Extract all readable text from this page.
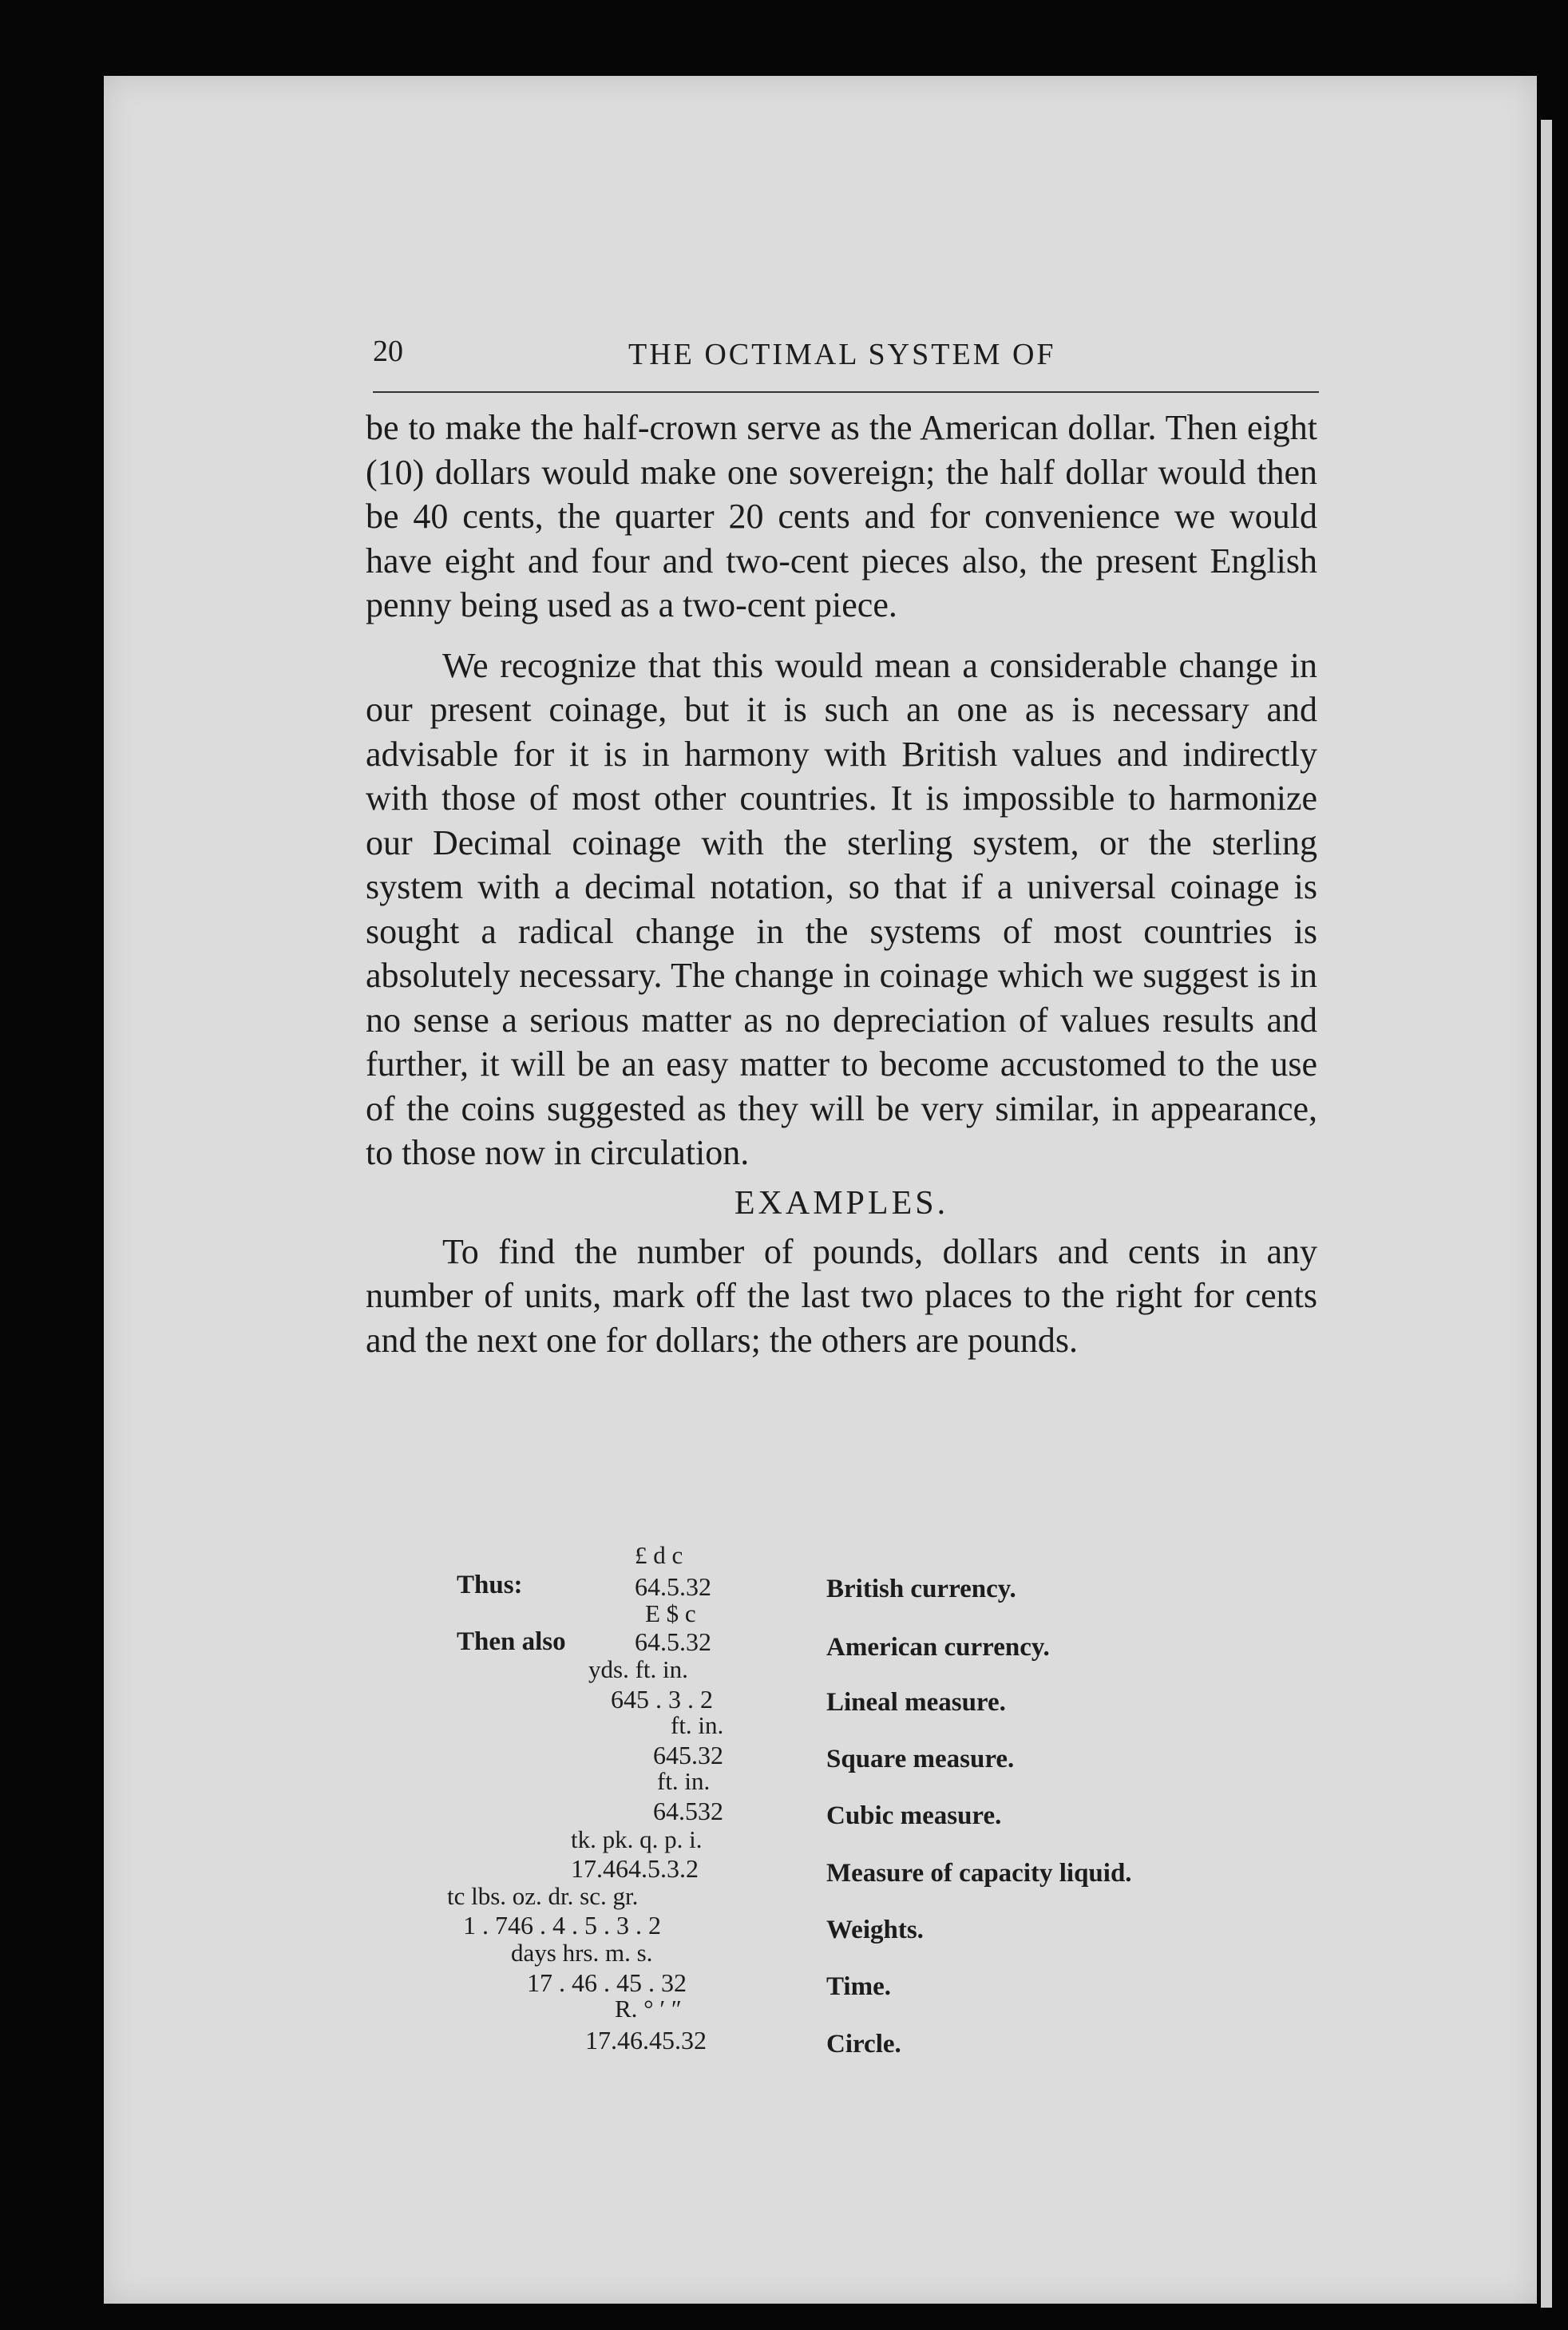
20	THE OCTIMAL SYSTEM OF

be to make the half-crown serve as the American dollar. Then eight (10) dollars would make one sovereign; the half dollar would then be 40 cents, the quarter 20 cents and for convenience we would have eight and four and two-cent pieces also, the present English penny being used as a two-cent piece.

We recognize that this would mean a considerable change in our present coinage, but it is such an one as is necessary and advisable for it is in harmony with British values and indirectly with those of most other countries. It is impossible to harmonize our Decimal coinage with the sterling system, or the sterling system with a decimal notation, so that if a universal coinage is sought a radical change in the systems of most countries is absolutely necessary. The change in coinage which we suggest is in no sense a serious matter as no depreciation of values results and further, it will be an easy matter to become accustomed to the use of the coins suggested as they will be very similar, in appearance, to those now in circulation.

EXAMPLES.

To find the number of pounds, dollars and cents in any number of units, mark off the last two places to the right for cents and the next one for dollars; the others are pounds.

£ d c
Thus:	64.5.32	British currency.
E $ c
Then also	64.5.32	American currency.
yds. ft. in.
645 . 3 . 2	Lineal measure.
ft. in.
645.32	Square measure.
ft. in.
64.532	Cubic measure.
tk. pk. q. p. i.
17.464.5.3.2	Measure of capacity liquid.
tc lbs. oz. dr. sc. gr.
1 . 746 . 4 . 5 . 3 . 2	Weights.
days hrs. m. s.
17 . 46 . 45 . 32	Time.
R. ° ′ ″
17.46.45.32	Circle.
